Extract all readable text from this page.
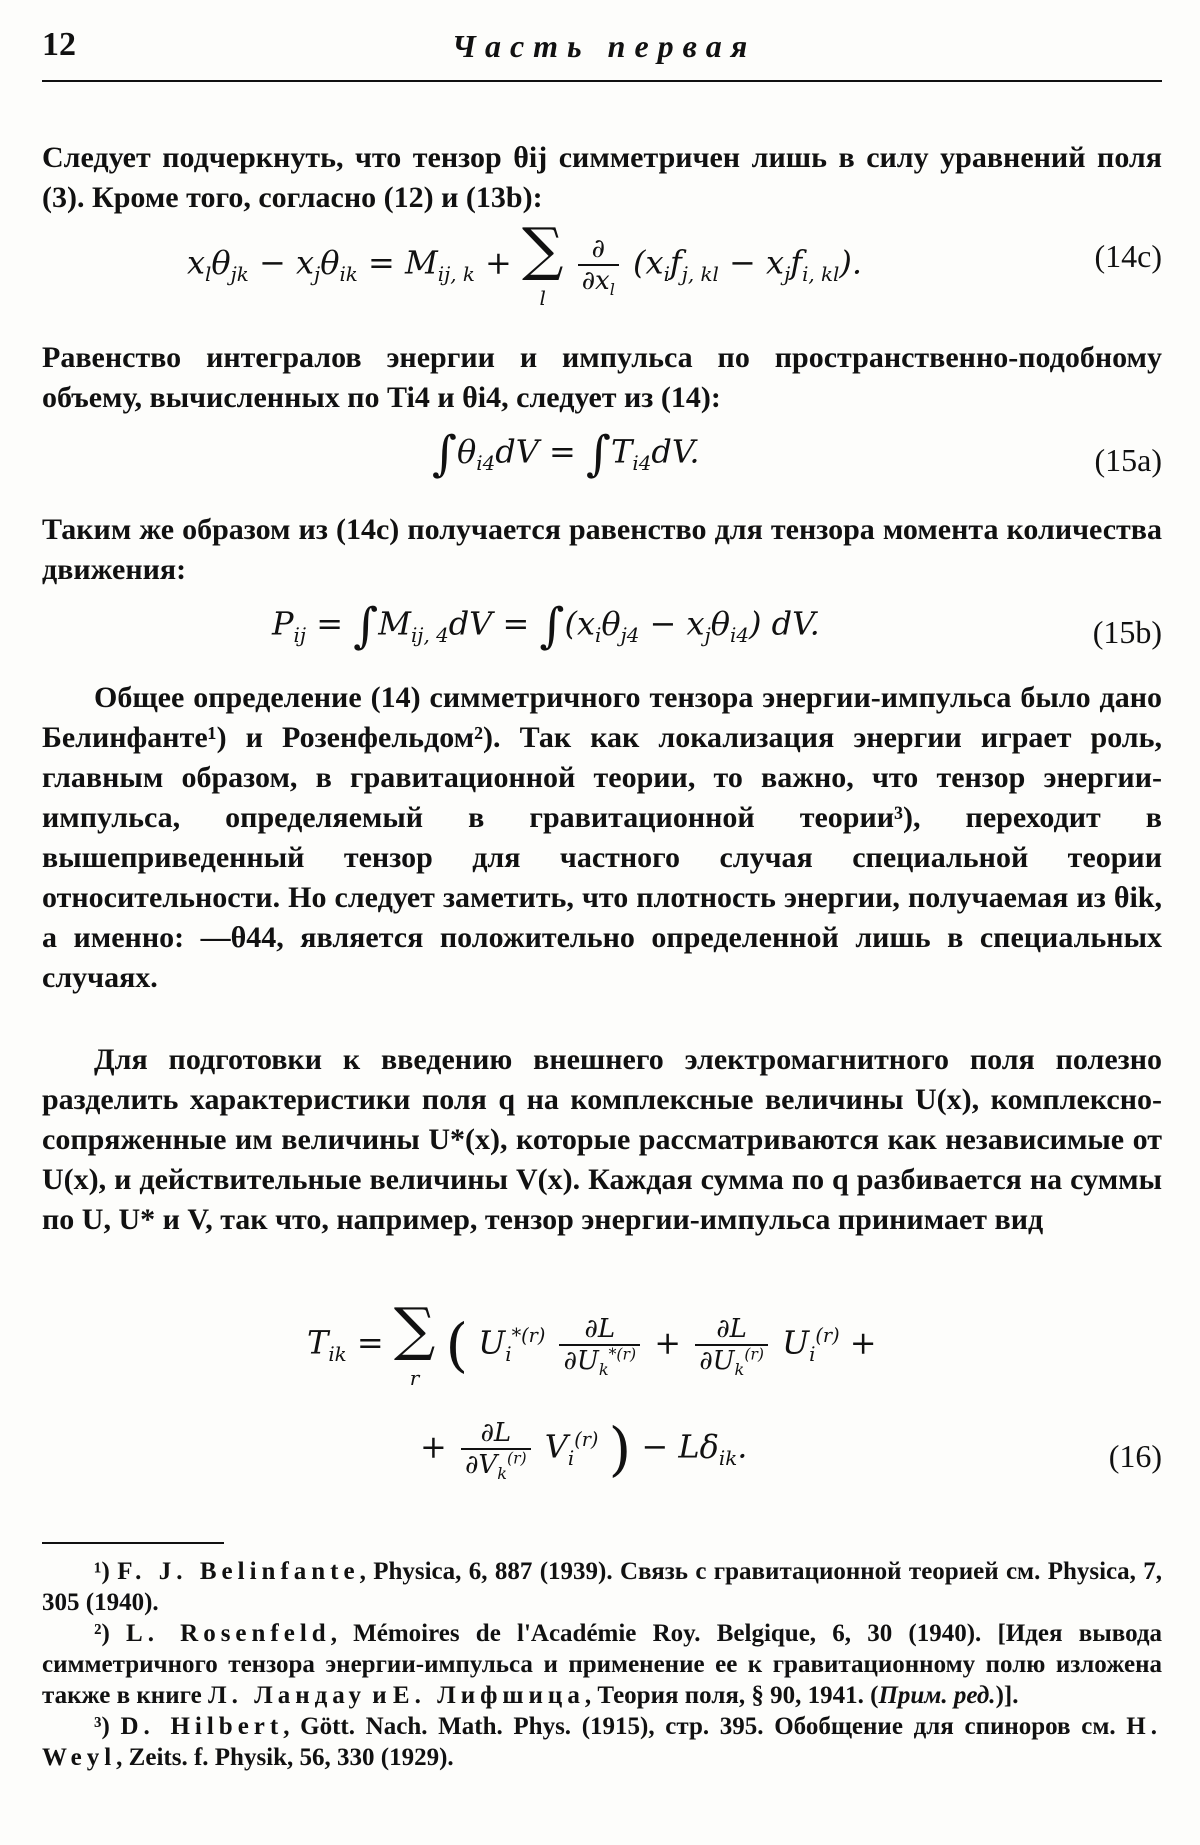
12	Часть первая
Следует подчеркнуть, что тензор θij симметричен лишь в силу уравнений поля (3). Кроме того, согласно (12) и (13b):
$x_l\theta_{jk} - x_j\theta_{ik} = M_{ij, k}$ + ∑
l
$\frac{\partial}{\partial x_l} (x_if_{j, kl} - x_jf_{i, kl})$.	(14c)
Равенство интегралов энергии и импульса по пространственно-подобному объему, вычисленных по Ti4 и θi4, следует из (14):
$\int\theta_{i4}dV = \int T_{i4}dV$.	(15a)
Таким же образом из (14c) получается равенство для тензора момента количества движения:
$P_{ij} = \int M_{ij, 4}dV = \int(x_i\theta_{j4} - x_j\theta_{i4})$ dV.	(15b)
Общее определение (14) симметричного тензора энергии-импульса было дано Белинфанте¹) и Розенфельдом²). Так как локализация энергии играет роль, главным образом, в гравитационной теории, то важно, что тензор энергии-импульса, определяемый в гравитационной теории³), переходит в вышеприведенный тензор для частного случая специальной теории относительности. Но следует заметить, что плотность энергии, получаемая из θik, а именно: —θ44, является положительно определенной лишь в специальных случаях.
Для подготовки к введению внешнего электромагнитного поля полезно разделить характеристики поля q на комплексные величины U(x), комплексно-сопряженные им величины U*(x), которые рассматриваются как независимые от U(x), и действительные величины V(x). Каждая сумма по q разбивается на суммы по U, U* и V, так что, например, тензор энергии-импульса принимает вид
$T_{ik}$ = ∑
r ( $U_i^{*(r)} \frac{\partial L}{\partial U_k^{*(r)}} + \frac{\partial L}{\partial U_k^{(r)}} U_i^{(r)}$ +
+ $\frac{\partial L}{\partial V_k^{(r)}} V_i^{(r)}$ ) − $L\delta_{ik}$.	(16)

¹) F. J. Belinfante, Physica, 6, 887 (1939). Связь с гравитационной теорией см. Physica, 7, 305 (1940).

²) L. Rosenfeld, Mémoires de l'Académie Roy. Belgique, 6, 30 (1940). [Идея вывода симметричного тензора энергии-импульса и применение ее к гравитационному полю изложена также в книге Л. Ландау и Е. Лифшица, Теория поля, § 90, 1941. (Прим. ред.)].

³) D. Hilbert, Gött. Nach. Math. Phys. (1915), стр. 395. Обобщение для спиноров см. H. Weyl, Zeits. f. Physik, 56, 330 (1929).
